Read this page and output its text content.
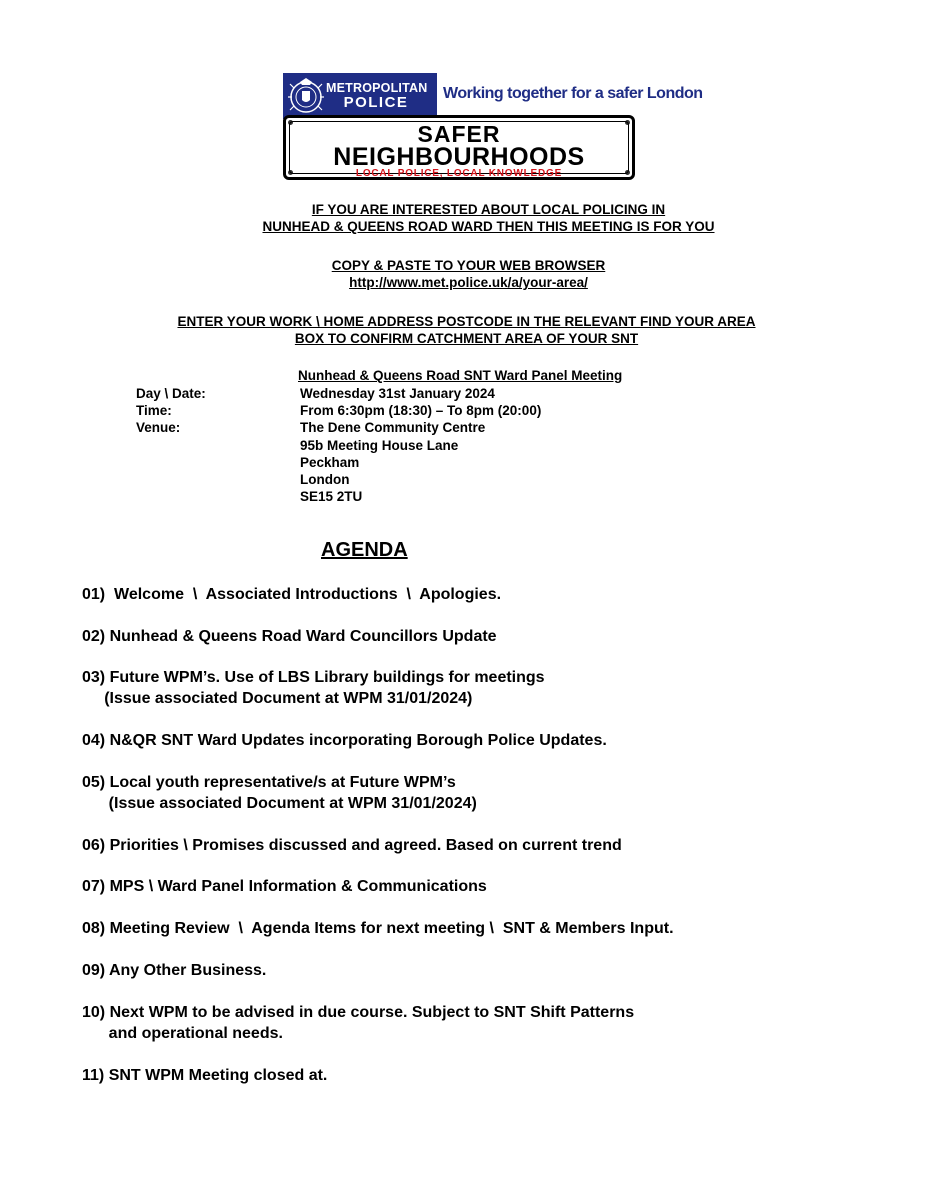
METROPOLITAN
POLICE
Working together for a safer London
SAFER
NEIGHBOURHOODS
LOCAL POLICE, LOCAL KNOWLEDGE
IF YOU ARE INTERESTED ABOUT LOCAL POLICING IN
NUNHEAD & QUEENS ROAD WARD THEN THIS MEETING IS FOR YOU
COPY & PASTE TO YOUR WEB BROWSER
http://www.met.police.uk/a/your-area/
ENTER YOUR WORK \ HOME ADDRESS POSTCODE IN THE RELEVANT FIND YOUR AREA
BOX TO CONFIRM CATCHMENT AREA OF YOUR SNT
Nunhead & Queens Road SNT Ward Panel Meeting
Day \ Date:	Wednesday 31st January 2024
Time:	From 6:30pm (18:30) – To 8pm (20:00)
Venue:	The Dene Community Centre
95b Meeting House Lane
Peckham
London
SE15 2TU
AGENDA
01)  Welcome  \  Associated Introductions  \  Apologies.
02) Nunhead & Queens Road Ward Councillors Update
03) Future WPM’s. Use of LBS Library buildings for meetings
(Issue associated Document at WPM 31/01/2024)
04) N&QR SNT Ward Updates incorporating Borough Police Updates.
05) Local youth representative/s at Future WPM’s
(Issue associated Document at WPM 31/01/2024)
06) Priorities \ Promises discussed and agreed. Based on current trend
07) MPS \ Ward Panel Information & Communications
08) Meeting Review  \  Agenda Items for next meeting \  SNT & Members Input.
09) Any Other Business.
10) Next WPM to be advised in due course. Subject to SNT Shift Patterns
and operational needs.
11) SNT WPM Meeting closed at.
